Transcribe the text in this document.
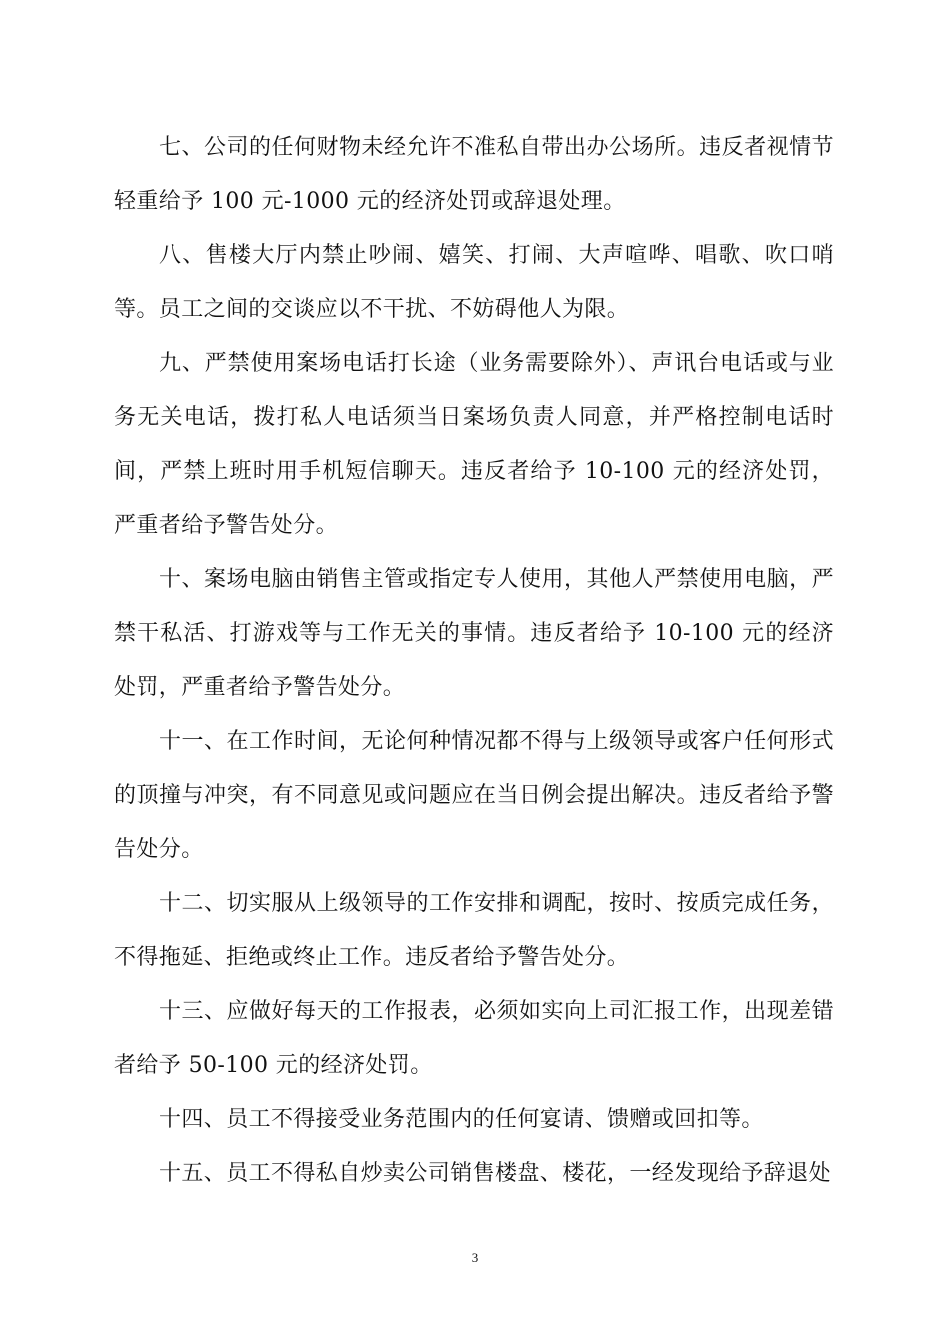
七、公司的任何财物未经允许不准私自带出办公场所。违反者视情节轻重给予 100 元-1000 元的经济处罚或辞退处理。

八、售楼大厅内禁止吵闹、嬉笑、打闹、大声喧哗、唱歌、吹口哨等。员工之间的交谈应以不干扰、不妨碍他人为限。

九、严禁使用案场电话打长途（业务需要除外）、声讯台电话或与业务无关电话，拨打私人电话须当日案场负责人同意，并严格控制电话时间，严禁上班时用手机短信聊天。违反者给予 10-100 元的经济处罚，严重者给予警告处分。

十、案场电脑由销售主管或指定专人使用，其他人严禁使用电脑，严禁干私活、打游戏等与工作无关的事情。违反者给予 10-100 元的经济处罚，严重者给予警告处分。

十一、在工作时间，无论何种情况都不得与上级领导或客户任何形式的顶撞与冲突，有不同意见或问题应在当日例会提出解决。违反者给予警告处分。

十二、切实服从上级领导的工作安排和调配，按时、按质完成任务，不得拖延、拒绝或终止工作。违反者给予警告处分。

十三、应做好每天的工作报表，必须如实向上司汇报工作，出现差错者给予 50-100 元的经济处罚。

十四、员工不得接受业务范围内的任何宴请、馈赠或回扣等。

十五、员工不得私自炒卖公司销售楼盘、楼花，一经发现给予辞退处

3
